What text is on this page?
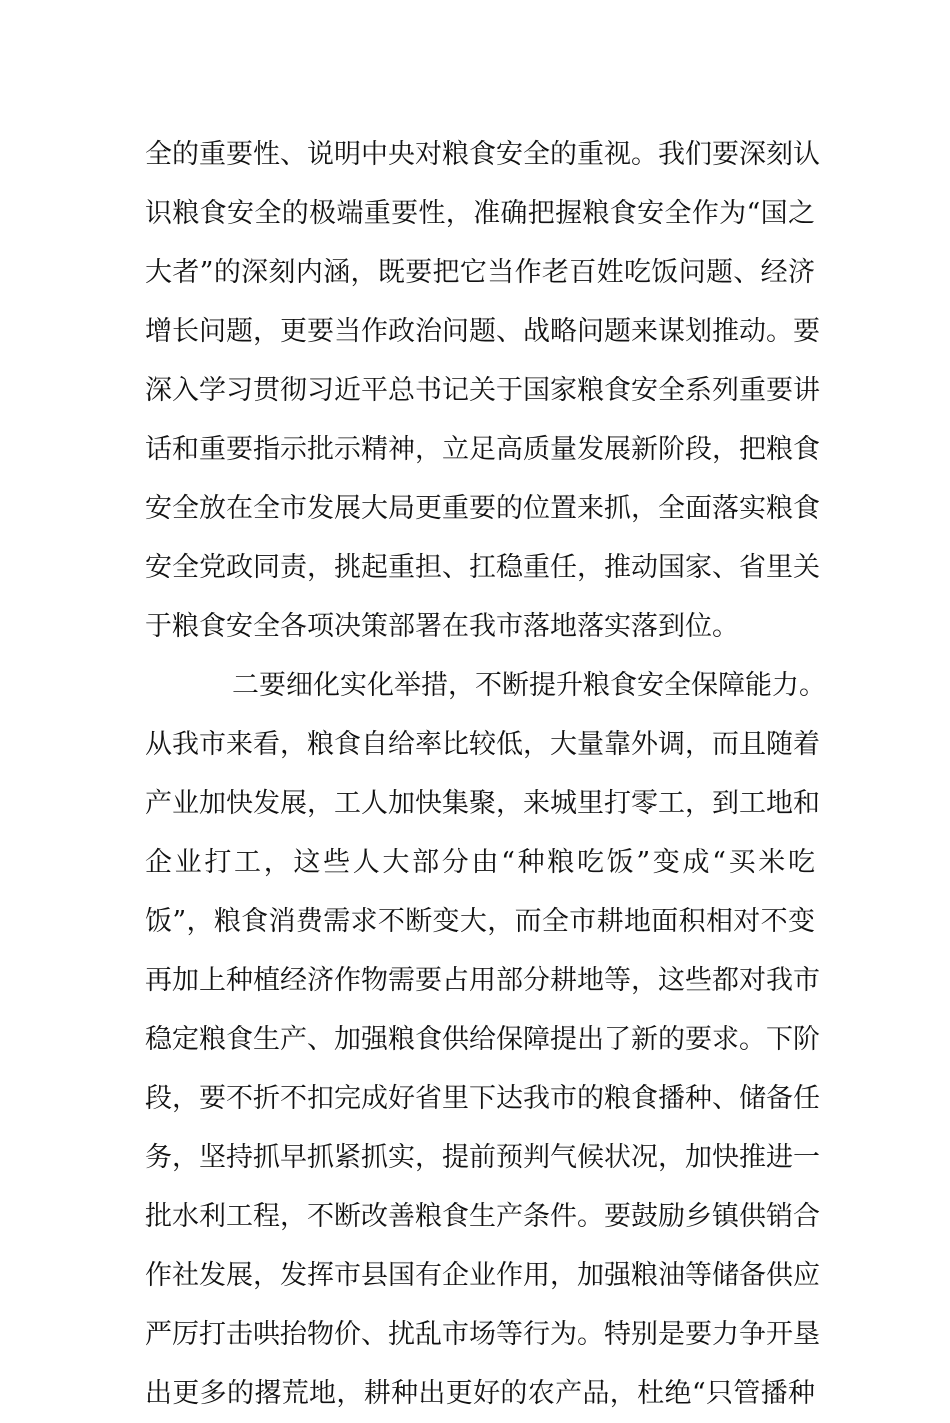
全的重要性、说明中央对粮食安全的重视。我们要深刻认
识粮食安全的极端重要性，准确把握粮食安全作为“国之
大者”的深刻内涵，既要把它当作老百姓吃饭问题、经济
增长问题，更要当作政治问题、战略问题来谋划推动。要
深入学习贯彻习近平总书记关于国家粮食安全系列重要讲
话和重要指示批示精神，立足高质量发展新阶段，把粮食
安全放在全市发展大局更重要的位置来抓，全面落实粮食
安全党政同责，挑起重担、扛稳重任，推动国家、省里关
于粮食安全各项决策部署在我市落地落实落到位。
二要细化实化举措，不断提升粮食安全保障能力。
从我市来看，粮食自给率比较低，大量靠外调，而且随着
产业加快发展，工人加快集聚，来城里打零工，到工地和
企业打工，这些人大部分由“种粮吃饭”变成“买米吃
饭”，粮食消费需求不断变大，而全市耕地面积相对不变
再加上种植经济作物需要占用部分耕地等，这些都对我市
稳定粮食生产、加强粮食供给保障提出了新的要求。下阶
段，要不折不扣完成好省里下达我市的粮食播种、储备任
务，坚持抓早抓紧抓实，提前预判气候状况，加快推进一
批水利工程，不断改善粮食生产条件。要鼓励乡镇供销合
作社发展，发挥市县国有企业作用，加强粮油等储备供应
严厉打击哄抬物价、扰乱市场等行为。特别是要力争开垦
出更多的撂荒地，耕种出更好的农产品，杜绝“只管播种
